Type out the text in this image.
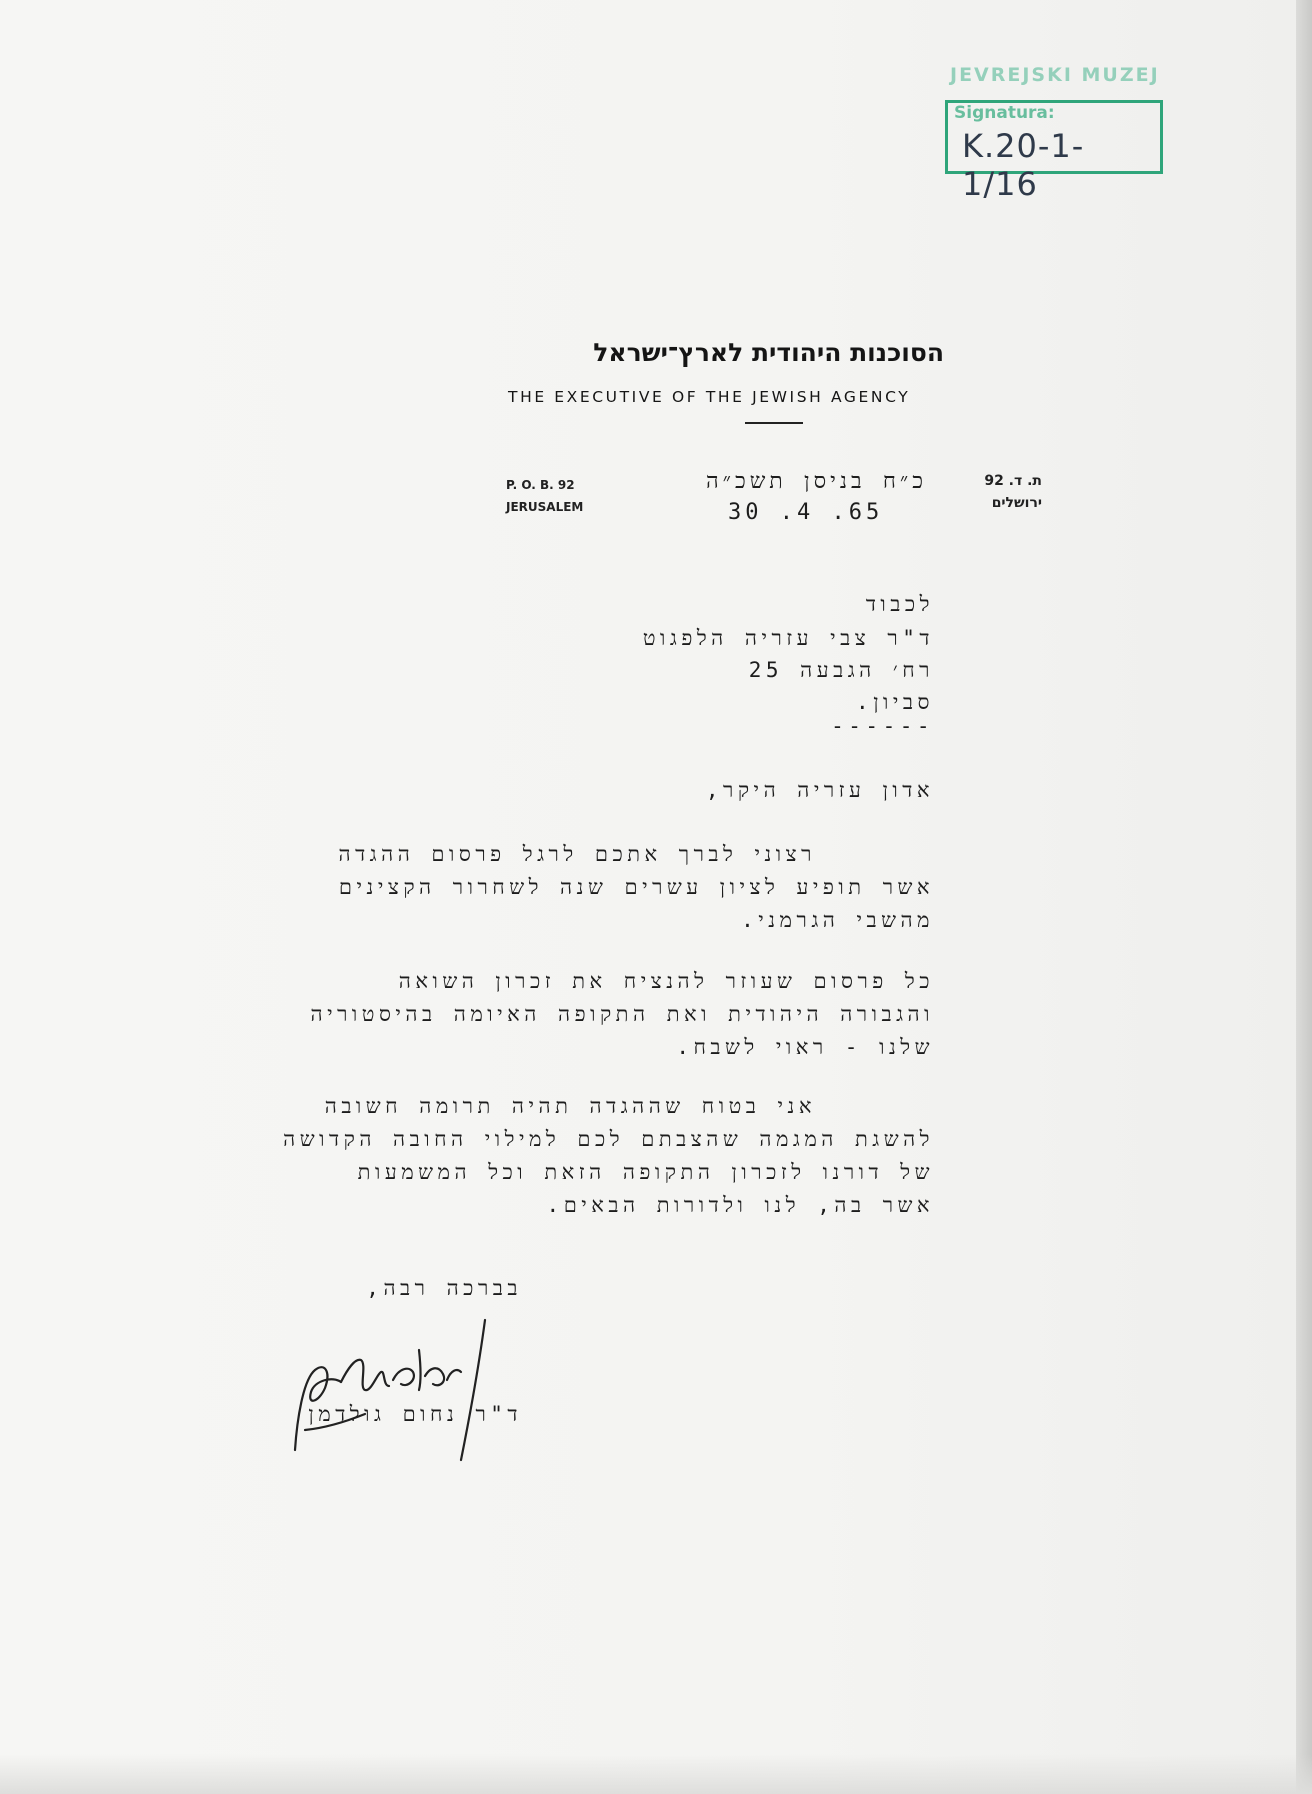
JEVREJSKI MUZEJ
Signatura:
K.20-1-1/16
הסוכנות היהודית לארץ־ישראל
THE EXECUTIVE OF THE JEWISH AGENCY
P. O. B. 92
JERUSALEM
ת. ד. 92
ירושלים
כ״ח בניסן תשכ״ה
30 .4 .65
לכבוד
ד"ר צבי עזריה הלפגוט
רח׳ הגבעה 25
סביון.
------
אדון עזריה היקר,
רצוני לברך אתכם לרגל פרסום ההגדה
אשר תופיע לציון עשרים שנה לשחרור הקצינים
מהשבי הגרמני.
כל פרסום שעוזר להנציח את זכרון השואה
והגבורה היהודית ואת התקופה האיומה בהיסטוריה
שלנו - ראוי לשבח.
אני בטוח שההגדה תהיה תרומה חשובה
להשגת המגמה שהצבתם לכם למילוי החובה הקדושה
של דורנו לזכרון התקופה הזאת וכל המשמעות
אשר בה, לנו ולדורות הבאים.
בברכה רבה,
ד"ר נחום גולדמן
